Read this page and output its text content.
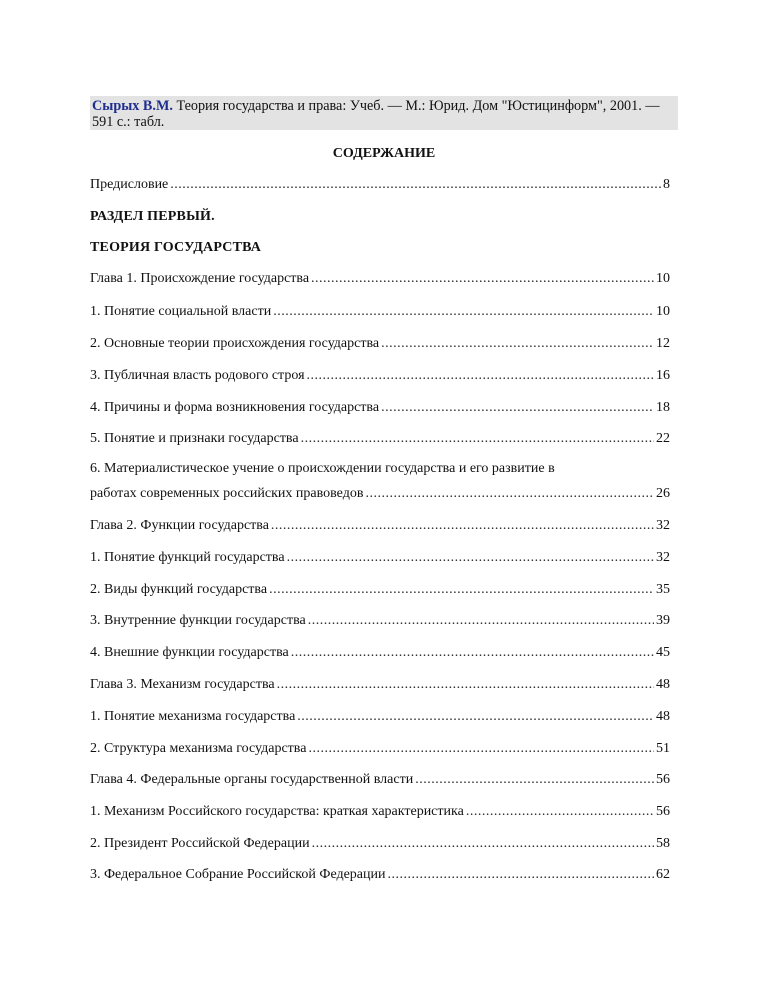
Сырых В.М. Теория государства и права: Учеб. — М.: Юрид. Дом "Юстицинформ", 2001. — 591 с.: табл.
СОДЕРЖАНИЕ
Предисловие .....	8
РАЗДЕЛ ПЕРВЫЙ.
ТЕОРИЯ ГОСУДАРСТВА
Глава 1. Происхождение государства .....	10
1. Понятие социальной власти .....	10
2. Основные теории происхождения государства .....	12
3. Публичная власть родового строя .....	16
4. Причины и форма возникновения государства .....	18
5. Понятие и признаки государства .....	22
6. Материалистическое учение о происхождении государства и его развитие в
работах современных российских правоведов .....	26
Глава 2. Функции государства .....	32
1. Понятие функций государства .....	32
2. Виды функций государства .....	35
3. Внутренние функции государства .....	39
4. Внешние функции государства .....	45
Глава 3. Механизм государства .....	48
1. Понятие механизма государства .....	48
2. Структура механизма государства .....	51
Глава 4. Федеральные органы государственной власти .....	56
1. Механизм Российского государства: краткая характеристика .....	56
2. Президент Российской Федерации .....	58
3. Федеральное Собрание Российской Федерации .....	62
